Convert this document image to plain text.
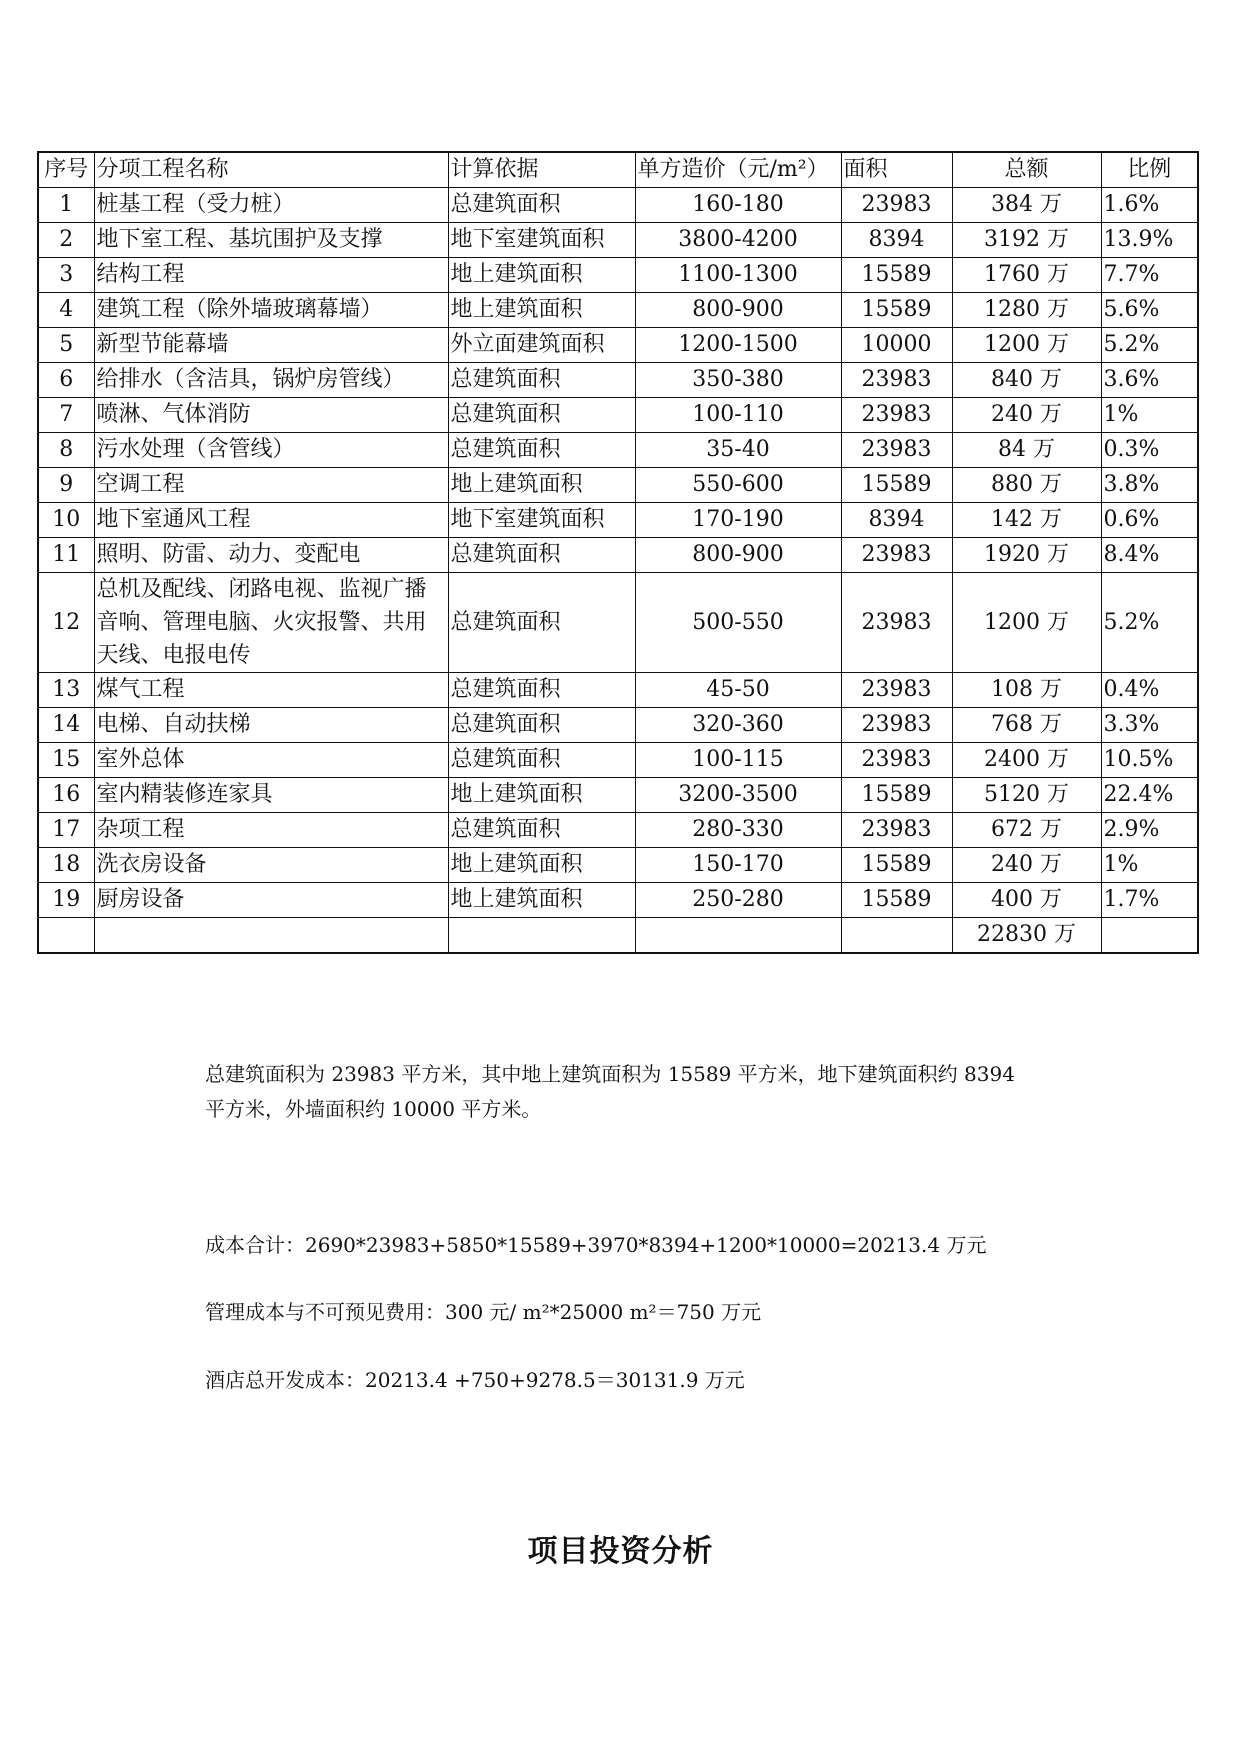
序号	分项工程名称	计算依据	单方造价（元/m²）	面积	总额	比例
1	桩基工程（受力桩）	总建筑面积	160-180	23983	384 万	1.6%
2	地下室工程、基坑围护及支撑	地下室建筑面积	3800-4200	8394	3192 万	13.9%
3	结构工程	地上建筑面积	1100-1300	15589	1760 万	7.7%
4	建筑工程（除外墙玻璃幕墙）	地上建筑面积	800-900	15589	1280 万	5.6%
5	新型节能幕墙	外立面建筑面积	1200-1500	10000	1200 万	5.2%
6	给排水（含洁具，锅炉房管线）	总建筑面积	350-380	23983	840 万	3.6%
7	喷淋、气体消防	总建筑面积	100-110	23983	240 万	1%
8	污水处理（含管线）	总建筑面积	35-40	23983	84 万	0.3%
9	空调工程	地上建筑面积	550-600	15589	880 万	3.8%
10	地下室通风工程	地下室建筑面积	170-190	8394	142 万	0.6%
11	照明、防雷、动力、变配电	总建筑面积	800-900	23983	1920 万	8.4%
12	总机及配线、闭路电视、监视广播音响、管理电脑、火灾报警、共用天线、电报电传	总建筑面积	500-550	23983	1200 万	5.2%
13	煤气工程	总建筑面积	45-50	23983	108 万	0.4%
14	电梯、自动扶梯	总建筑面积	320-360	23983	768 万	3.3%
15	室外总体	总建筑面积	100-115	23983	2400 万	10.5%
16	室内精装修连家具	地上建筑面积	3200-3500	15589	5120 万	22.4%
17	杂项工程	总建筑面积	280-330	23983	672 万	2.9%
18	洗衣房设备	地上建筑面积	150-170	15589	240 万	1%
19	厨房设备	地上建筑面积	250-280	15589	400 万	1.7%
					22830 万	
总建筑面积为 23983 平方米，其中地上建筑面积为 15589 平方米，地下建筑面积约 8394 平方米，外墙面积约 10000 平方米。
成本合计：2690*23983+5850*15589+3970*8394+1200*10000=20213.4 万元
管理成本与不可预见费用：300 元/ m²*25000 m²＝750 万元
酒店总开发成本：20213.4 +750+9278.5＝30131.9 万元
项目投资分析
